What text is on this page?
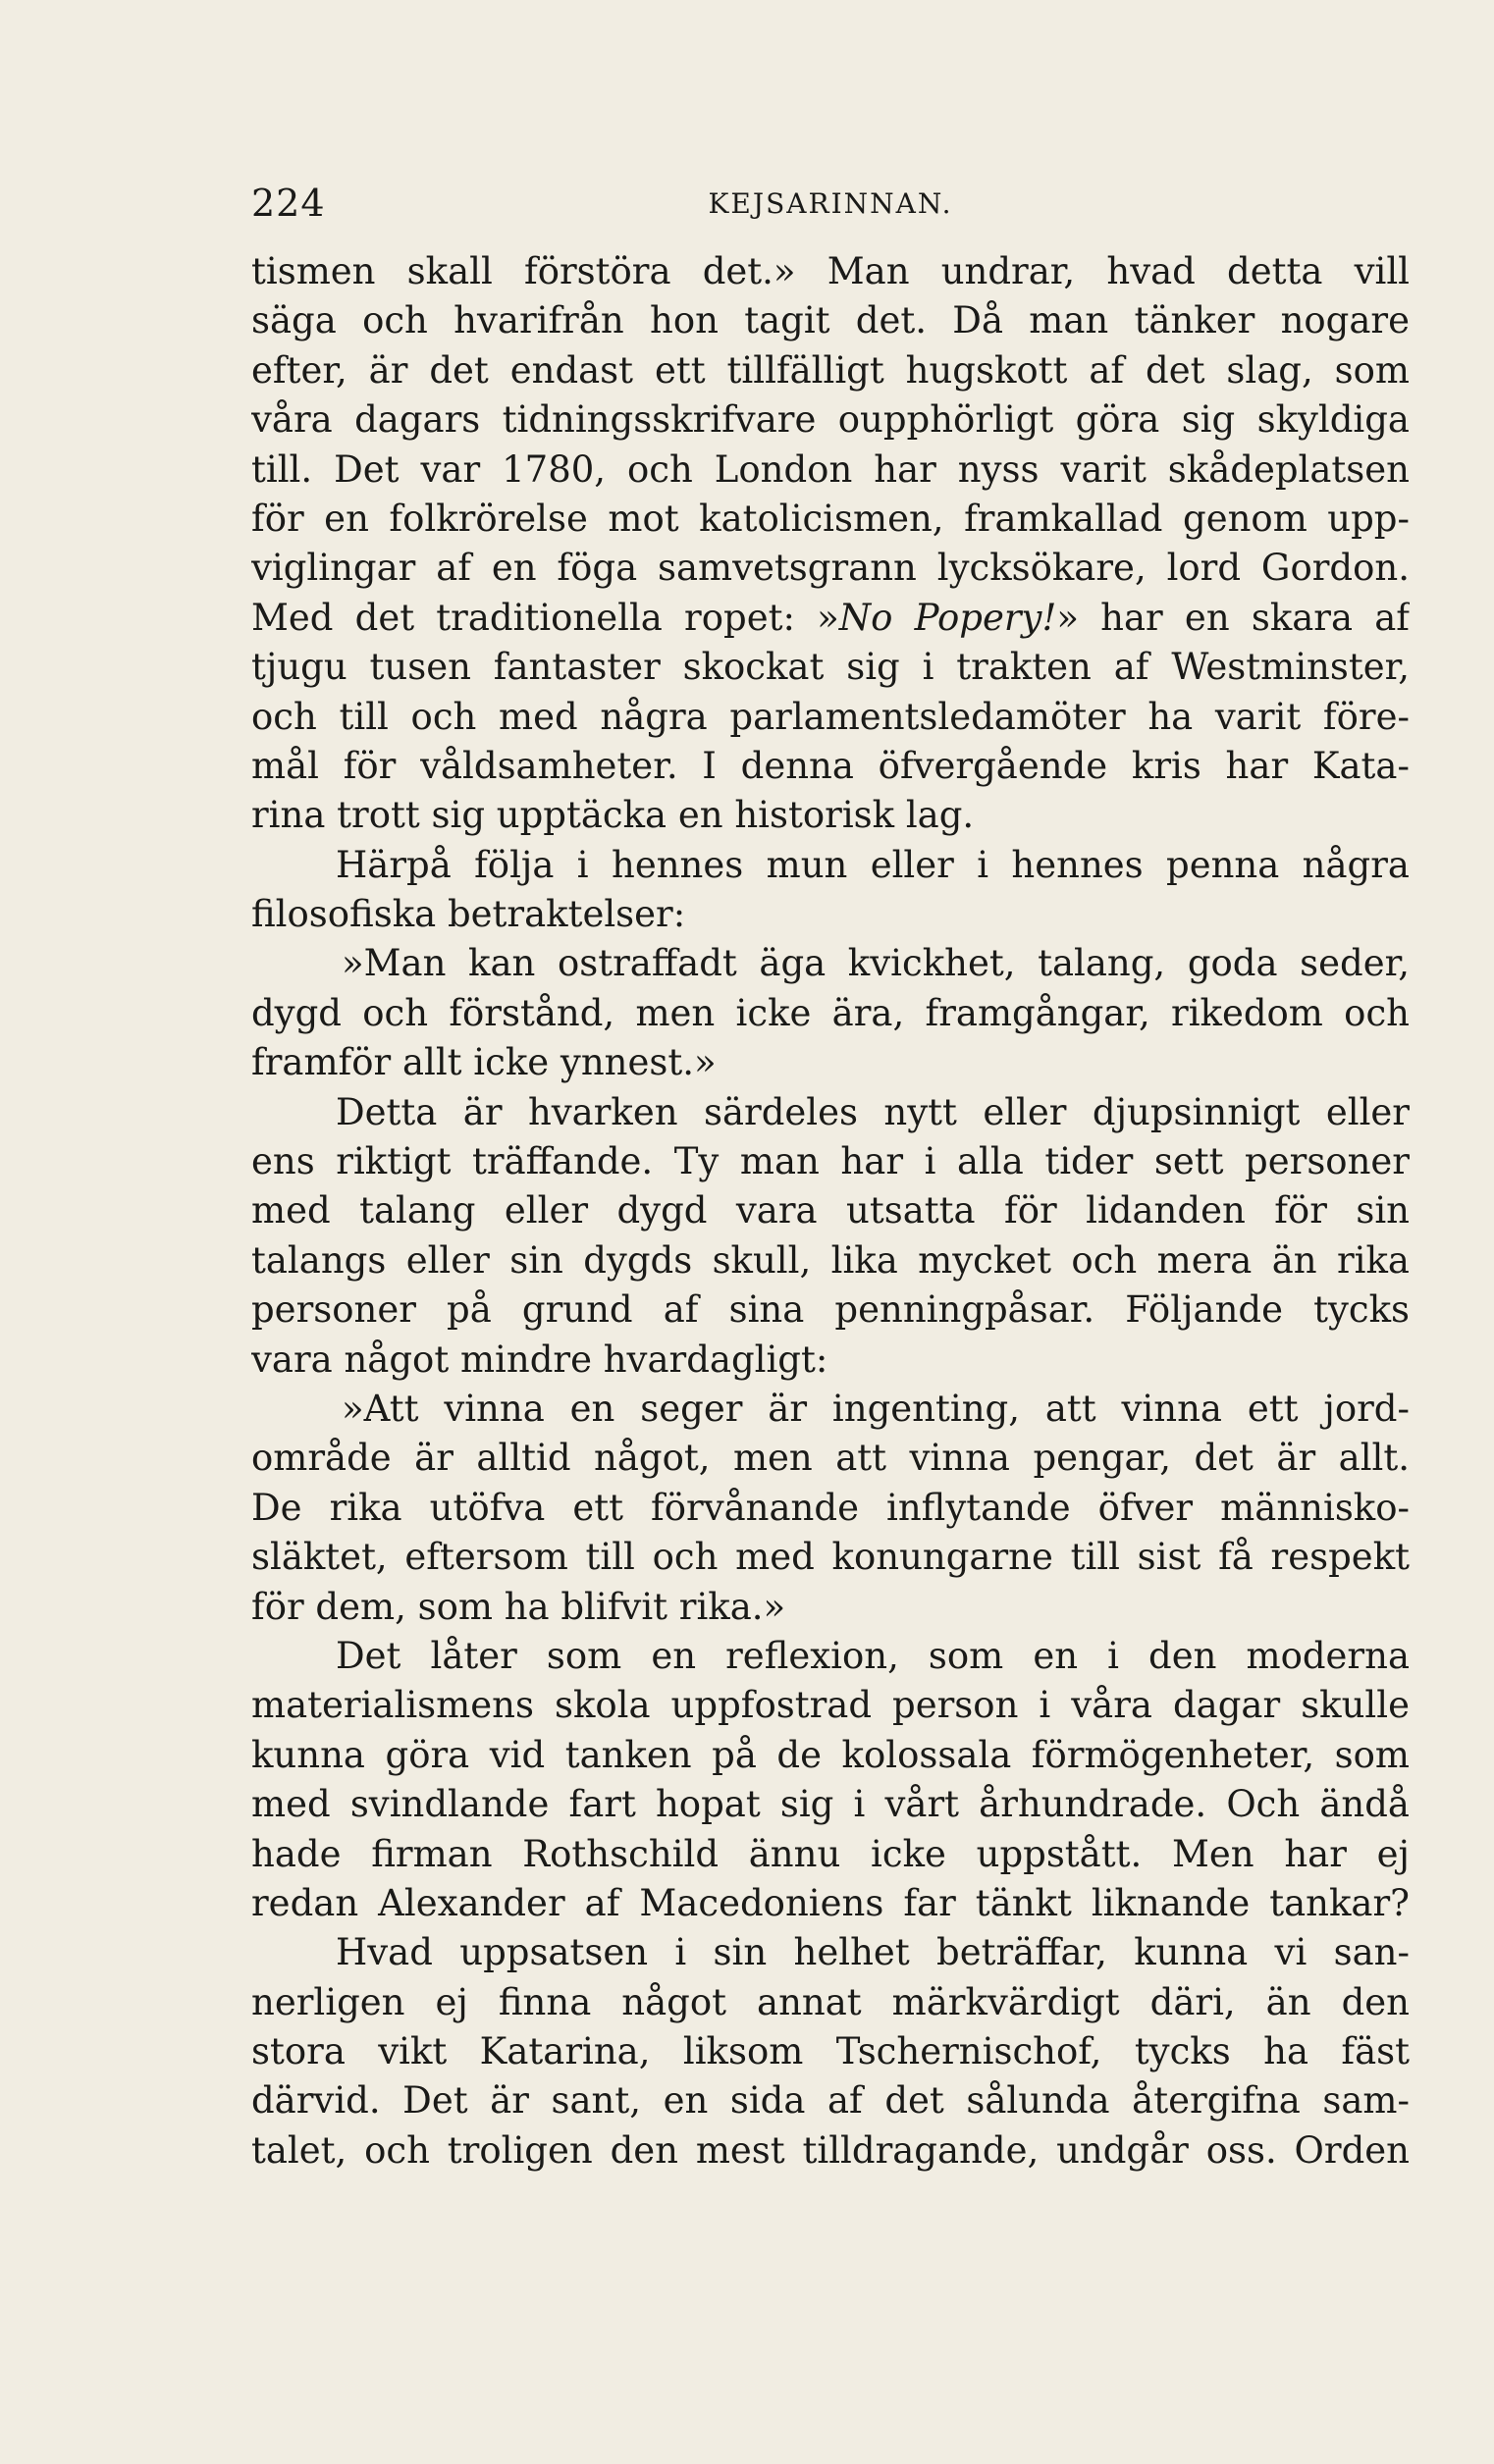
224	KEJSARINNAN.
tismen skall förstöra det.» Man undrar, hvad detta vill
säga och hvarifrån hon tagit det. Då man tänker nogare
efter, är det endast ett tillfälligt hugskott af det slag, som
våra dagars tidningsskrifvare oupphörligt göra sig skyldiga
till. Det var 1780, och London har nyss varit skådeplatsen
för en folkrörelse mot katolicismen, framkallad genom upp-
viglingar af en föga samvetsgrann lycksökare, lord Gordon.
Med det traditionella ropet: »No Popery!» har en skara af
tjugu tusen fantaster skockat sig i trakten af Westminster,
och till och med några parlamentsledamöter ha varit före-
mål för våldsamheter. I denna öfvergående kris har Kata-
rina trott sig upptäcka en historisk lag.
Härpå följa i hennes mun eller i hennes penna några
filosofiska betraktelser:
»Man kan ostraffadt äga kvickhet, talang, goda seder,
dygd och förstånd, men icke ära, framgångar, rikedom och
framför allt icke ynnest.»
Detta är hvarken särdeles nytt eller djupsinnigt eller
ens riktigt träffande. Ty man har i alla tider sett personer
med talang eller dygd vara utsatta för lidanden för sin
talangs eller sin dygds skull, lika mycket och mera än rika
personer på grund af sina penningpåsar. Följande tycks
vara något mindre hvardagligt:
»Att vinna en seger är ingenting, att vinna ett jord-
område är alltid något, men att vinna pengar, det är allt.
De rika utöfva ett förvånande inflytande öfver människo-
släktet, eftersom till och med konungarne till sist få respekt
för dem, som ha blifvit rika.»
Det låter som en reflexion, som en i den moderna
materialismens skola uppfostrad person i våra dagar skulle
kunna göra vid tanken på de kolossala förmögenheter, som
med svindlande fart hopat sig i vårt århundrade. Och ändå
hade firman Rothschild ännu icke uppstått. Men har ej
redan Alexander af Macedoniens far tänkt liknande tankar?
Hvad uppsatsen i sin helhet beträffar, kunna vi san-
nerligen ej finna något annat märkvärdigt däri, än den
stora vikt Katarina, liksom Tschernischof, tycks ha fäst
därvid. Det är sant, en sida af det sålunda återgifna sam-
talet, och troligen den mest tilldragande, undgår oss. Orden
